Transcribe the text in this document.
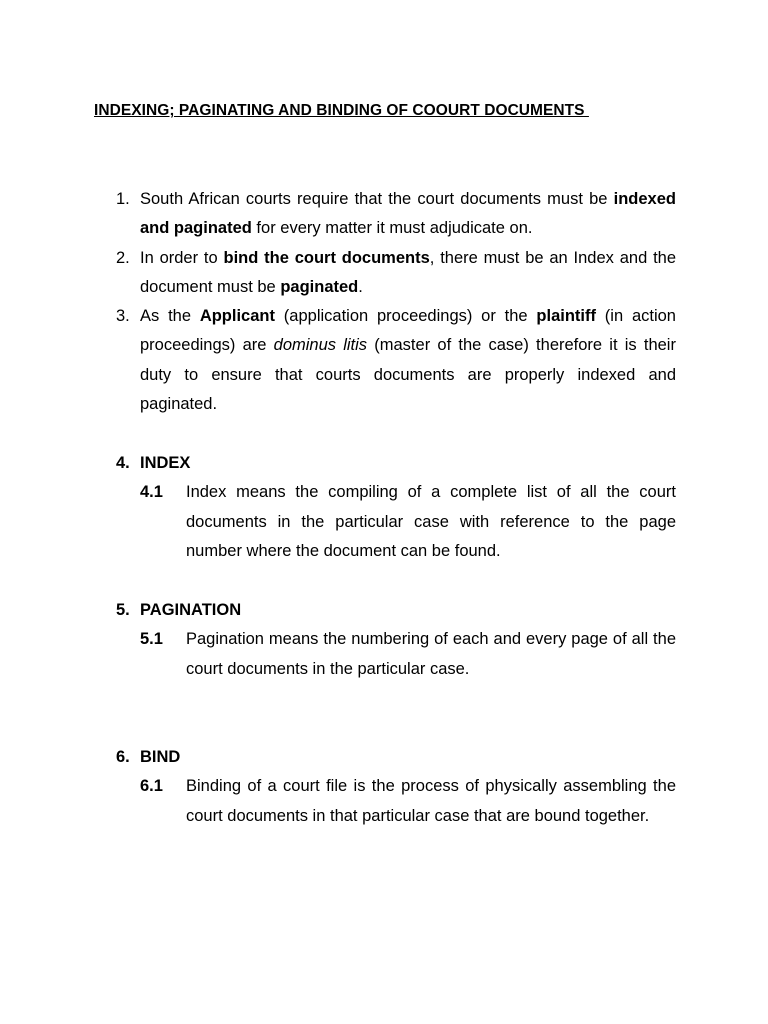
INDEXING; PAGINATING AND BINDING OF COOURT DOCUMENTS
1. South African courts require that the court documents must be indexed and paginated for every matter it must adjudicate on.
2. In order to bind the court documents, there must be an Index and the document must be paginated.
3. As the Applicant (application proceedings) or the plaintiff (in action proceedings) are dominus litis (master of the case) therefore it is their duty to ensure that courts documents are properly indexed and paginated.
4. INDEX
4.1 Index means the compiling of a complete list of all the court documents in the particular case with reference to the page number where the document can be found.
5. PAGINATION
5.1 Pagination means the numbering of each and every page of all the court documents in the particular case.
6. BIND
6.1 Binding of a court file is the process of physically assembling the court documents in that particular case that are bound together.
